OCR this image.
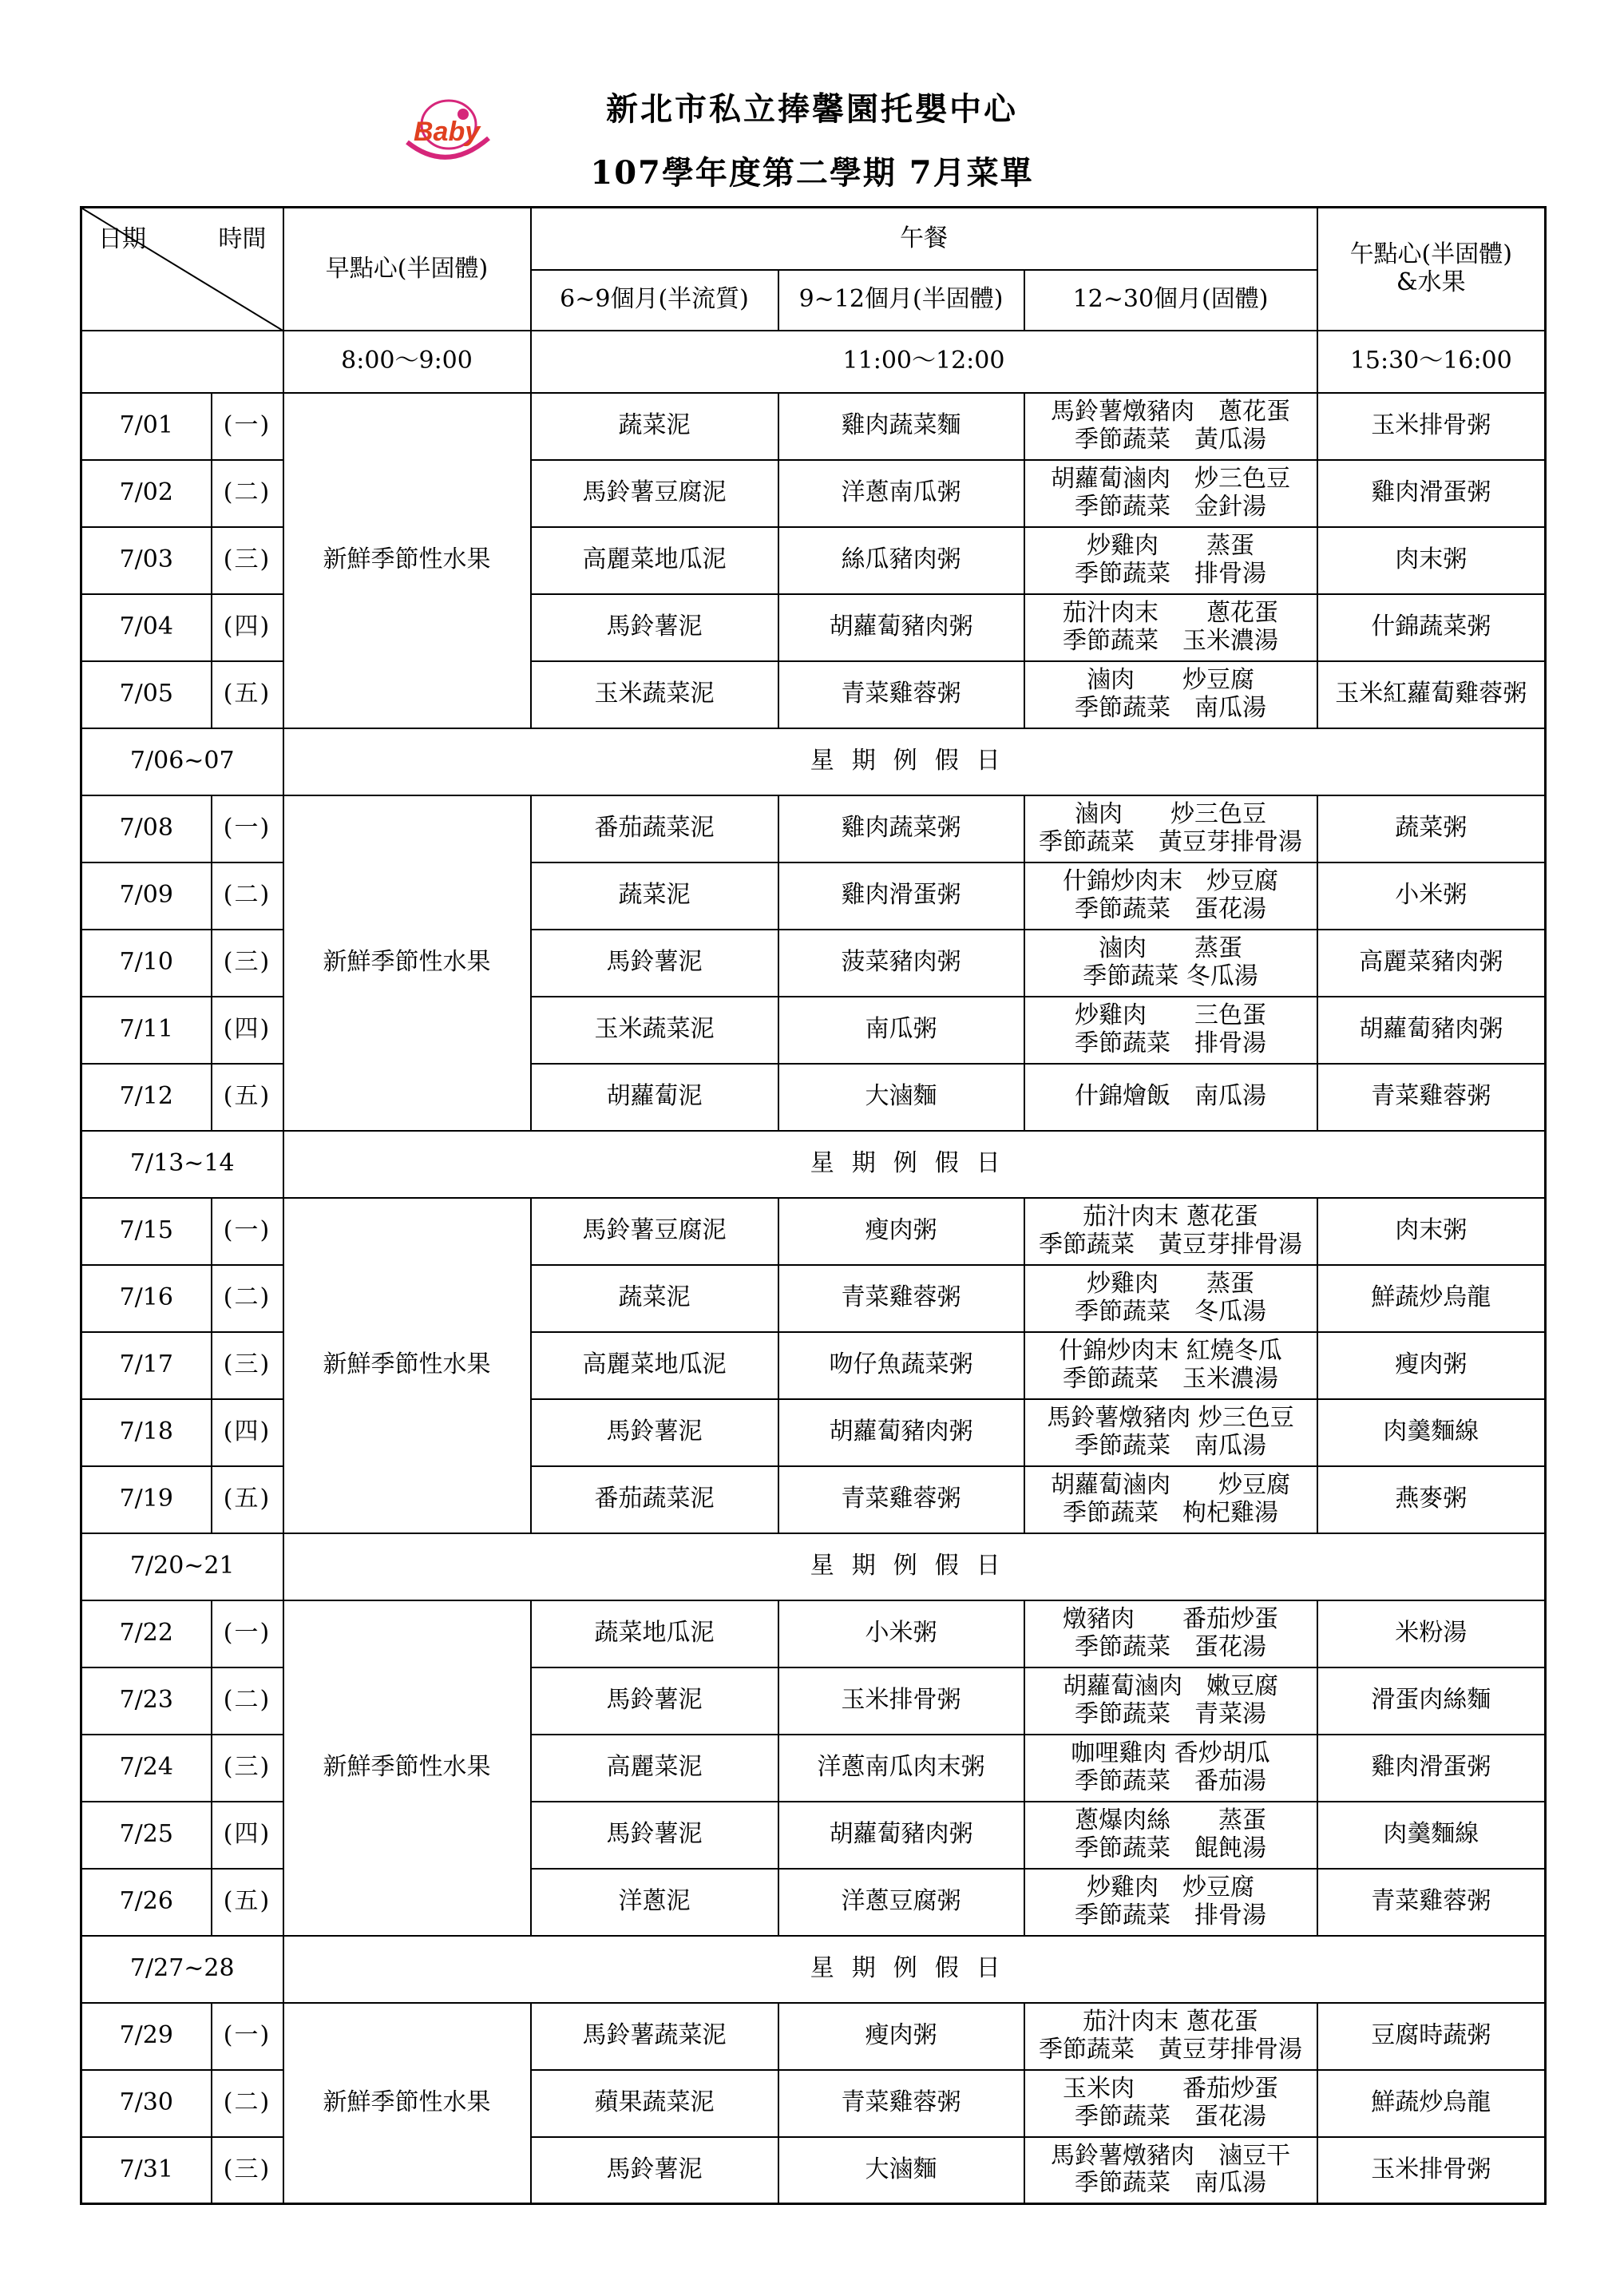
Baby
新北市私立捧馨園托嬰中心
107學年度第二學期 7月菜單
日期 時間		早點心(半固體)	午餐			午點心(半固體)
&水果
			6~9個月(半流質)	9~12個月(半固體)	12~30個月(固體)	
		8:00～9:00	11:00～12:00			15:30～16:00
7/01	(一)	新鮮季節性水果	蔬菜泥	雞肉蔬菜麵	馬鈴薯燉豬肉　蔥花蛋
季節蔬菜　黃瓜湯	玉米排骨粥
7/02	(二)		馬鈴薯豆腐泥	洋蔥南瓜粥	胡蘿蔔滷肉　炒三色豆
季節蔬菜　金針湯	雞肉滑蛋粥
7/03	(三)		高麗菜地瓜泥	絲瓜豬肉粥	炒雞肉　　蒸蛋
季節蔬菜　排骨湯	肉末粥
7/04	(四)		馬鈴薯泥	胡蘿蔔豬肉粥	茄汁肉末　　蔥花蛋
季節蔬菜　玉米濃湯	什錦蔬菜粥
7/05	(五)		玉米蔬菜泥	青菜雞蓉粥	滷肉　　炒豆腐
季節蔬菜　南瓜湯	玉米紅蘿蔔雞蓉粥
7/06~07		星期例假日				
7/08	(一)	新鮮季節性水果	番茄蔬菜泥	雞肉蔬菜粥	滷肉　　炒三色豆
季節蔬菜　黃豆芽排骨湯	蔬菜粥
7/09	(二)		蔬菜泥	雞肉滑蛋粥	什錦炒肉末　炒豆腐
季節蔬菜　蛋花湯	小米粥
7/10	(三)		馬鈴薯泥	菠菜豬肉粥	滷肉　　蒸蛋
季節蔬菜 冬瓜湯	高麗菜豬肉粥
7/11	(四)		玉米蔬菜泥	南瓜粥	炒雞肉　　三色蛋
季節蔬菜　排骨湯	胡蘿蔔豬肉粥
7/12	(五)		胡蘿蔔泥	大滷麵	什錦燴飯　南瓜湯	青菜雞蓉粥
7/13~14		星期例假日				
7/15	(一)	新鮮季節性水果	馬鈴薯豆腐泥	瘦肉粥	茄汁肉末 蔥花蛋
季節蔬菜　黃豆芽排骨湯	肉末粥
7/16	(二)		蔬菜泥	青菜雞蓉粥	炒雞肉　　蒸蛋
季節蔬菜　冬瓜湯	鮮蔬炒烏龍
7/17	(三)		高麗菜地瓜泥	吻仔魚蔬菜粥	什錦炒肉末 紅燒冬瓜
季節蔬菜　玉米濃湯	瘦肉粥
7/18	(四)		馬鈴薯泥	胡蘿蔔豬肉粥	馬鈴薯燉豬肉 炒三色豆
季節蔬菜　南瓜湯	肉羹麵線
7/19	(五)		番茄蔬菜泥	青菜雞蓉粥	胡蘿蔔滷肉　　炒豆腐
季節蔬菜　枸杞雞湯	燕麥粥
7/20~21		星期例假日				
7/22	(一)	新鮮季節性水果	蔬菜地瓜泥	小米粥	燉豬肉　　番茄炒蛋
季節蔬菜　蛋花湯	米粉湯
7/23	(二)		馬鈴薯泥	玉米排骨粥	胡蘿蔔滷肉　嫩豆腐
季節蔬菜　青菜湯	滑蛋肉絲麵
7/24	(三)		高麗菜泥	洋蔥南瓜肉末粥	咖哩雞肉 香炒胡瓜
季節蔬菜　番茄湯	雞肉滑蛋粥
7/25	(四)		馬鈴薯泥	胡蘿蔔豬肉粥	蔥爆肉絲　　蒸蛋
季節蔬菜　餛飩湯	肉羹麵線
7/26	(五)		洋蔥泥	洋蔥豆腐粥	炒雞肉　炒豆腐
季節蔬菜　排骨湯	青菜雞蓉粥
7/27~28		星期例假日				
7/29	(一)	新鮮季節性水果	馬鈴薯蔬菜泥	瘦肉粥	茄汁肉末 蔥花蛋
季節蔬菜　黃豆芽排骨湯	豆腐時蔬粥
7/30	(二)		蘋果蔬菜泥	青菜雞蓉粥	玉米肉　　番茄炒蛋
季節蔬菜　蛋花湯	鮮蔬炒烏龍
7/31	(三)		馬鈴薯泥	大滷麵	馬鈴薯燉豬肉　滷豆干
季節蔬菜　南瓜湯	玉米排骨粥
